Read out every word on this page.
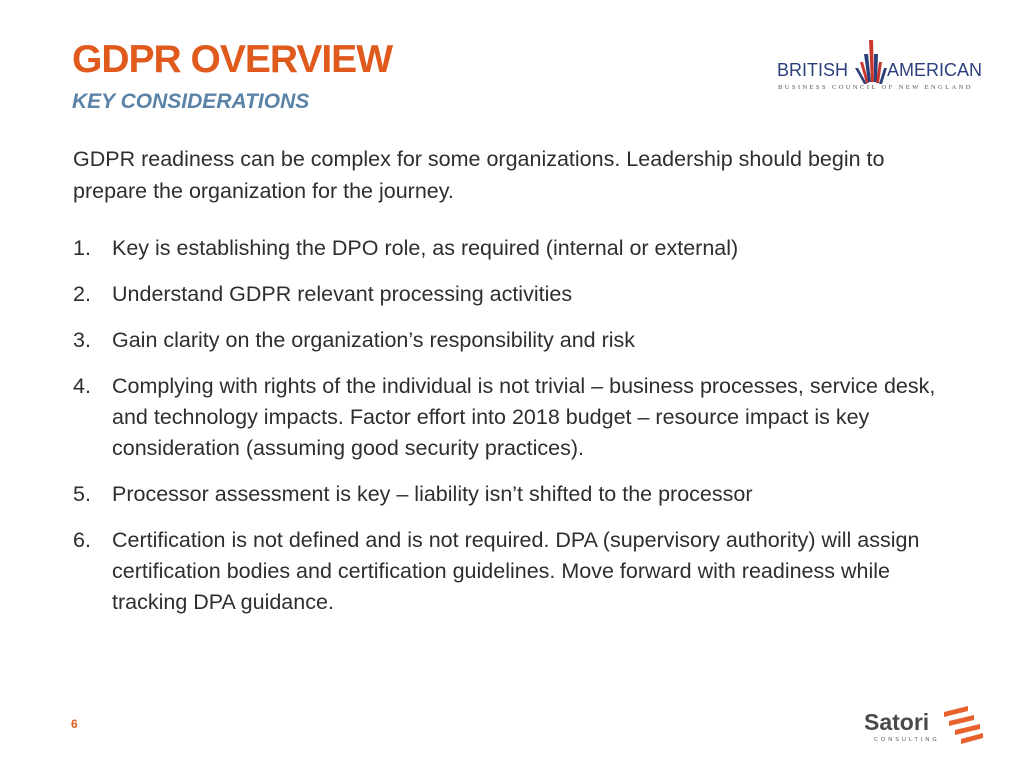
GDPR OVERVIEW
KEY CONSIDERATIONS
BRITISH AMERICAN
BUSINESS COUNCIL OF NEW ENGLAND

GDPR readiness can be complex for some organizations. Leadership should begin to prepare the organization for the journey.

1. Key is establishing the DPO role, as required (internal or external)
2. Understand GDPR relevant processing activities
3. Gain clarity on the organization’s responsibility and risk
4. Complying with rights of the individual is not trivial – business processes, service desk, and technology impacts. Factor effort into 2018 budget – resource impact is key consideration (assuming good security practices).
5. Processor assessment is key – liability isn’t shifted to the processor
6. Certification is not defined and is not required. DPA (supervisory authority) will assign certification bodies and certification guidelines. Move forward with readiness while tracking DPA guidance.
6	Satori
CONSULTING
